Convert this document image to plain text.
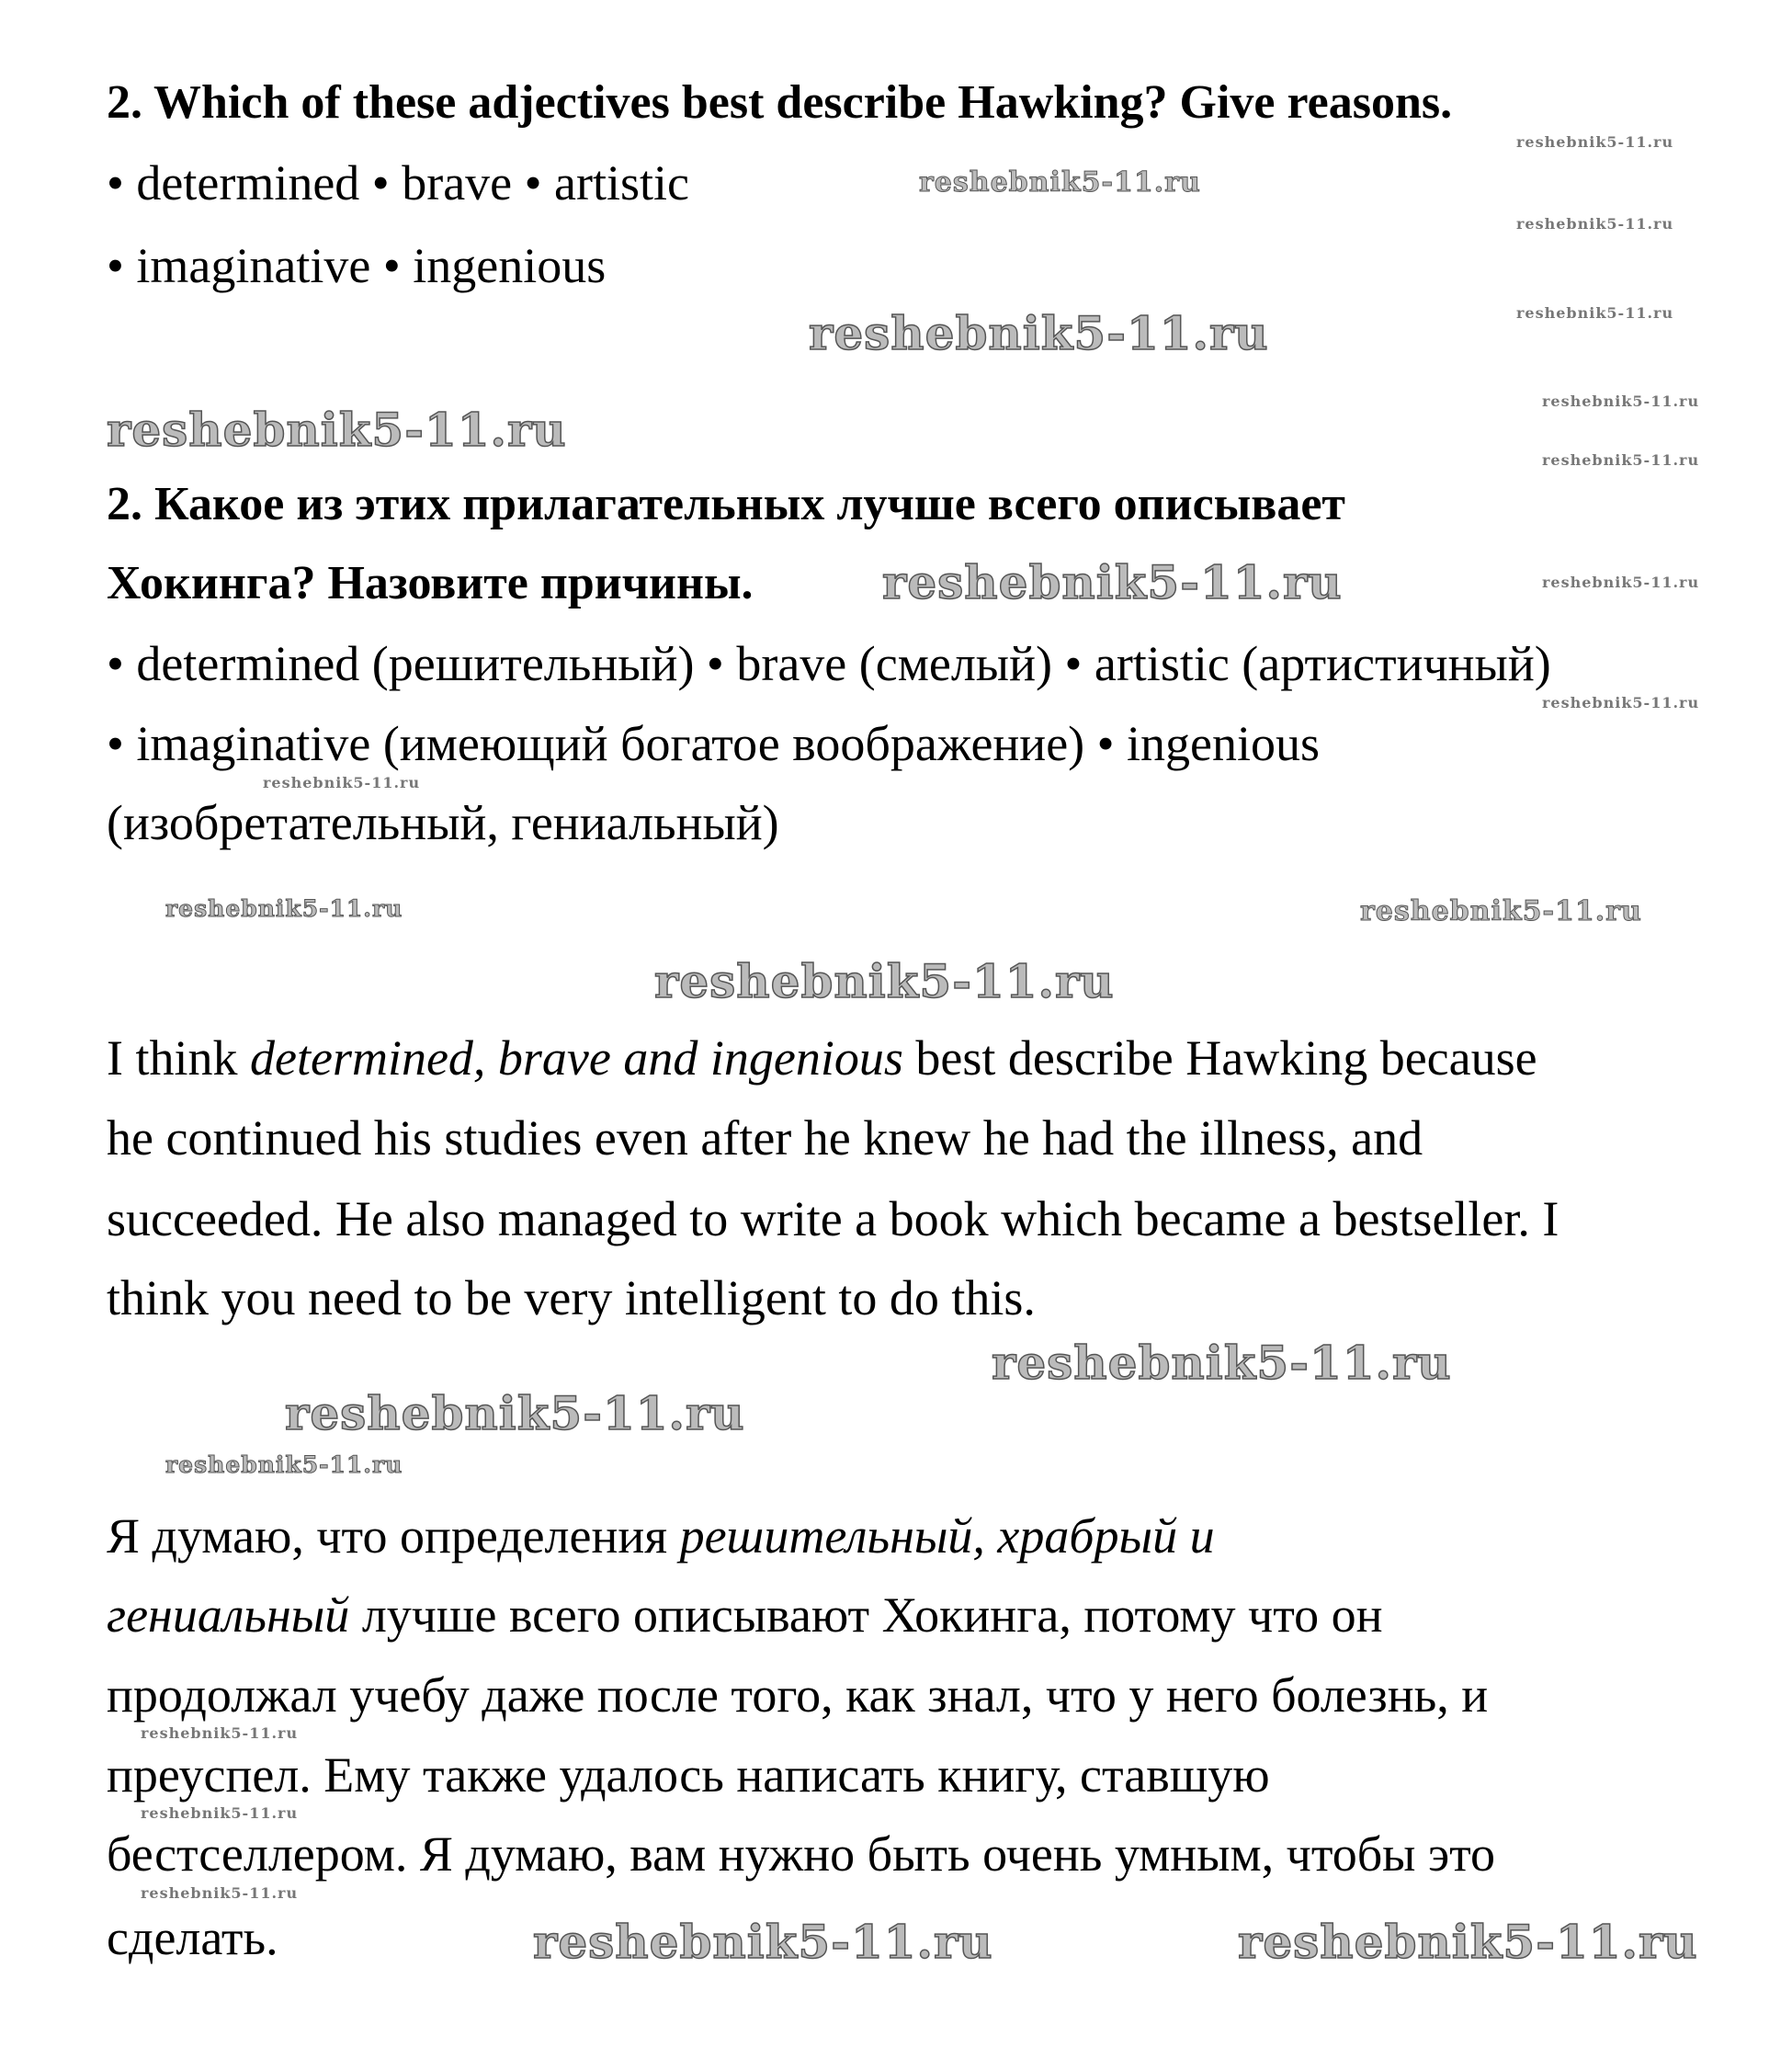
2. Which of these adjectives best describe Hawking? Give reasons.
• determined • brave • artistic
• imaginative • ingenious
2. Какое из этих прилагательных лучше всего описывает
Хокинга? Назовите причины.
• determined (решительный) • brave (смелый) • artistic (артистичный)
• imaginative (имеющий богатое воображение) • ingenious
(изобретательный, гениальный)
I think determined, brave and ingenious best describe Hawking because
he continued his studies even after he knew he had the illness, and
succeeded. He also managed to write a book which became a bestseller. I
think you need to be very intelligent to do this.
Я думаю, что определения решительный, храбрый и
гениальный лучше всего описывают Хокинга, потому что он
продолжал учебу даже после того, как знал, что у него болезнь, и
преуспел. Ему также удалось написать книгу, ставшую
бестселлером. Я думаю, вам нужно быть очень умным, чтобы это
сделать.
reshebnik5-11.ru
reshebnik5-11.ru
reshebnik5-11.ru
reshebnik5-11.ru
reshebnik5-11.ru
reshebnik5-11.ru
reshebnik5-11.ru	reshebnik5-11.ru
reshebnik5-11.ru
reshebnik5-11.ru
reshebnik5-11.ru
reshebnik5-11.ru
reshebnik5-11.ru
reshebnik5-11.ru
reshebnik5-11.ru
reshebnik5-11.ru
reshebnik5-11.ru
reshebnik5-11.ru
reshebnik5-11.ru
reshebnik5-11.ru
reshebnik5-11.ru
reshebnik5-11.ru
reshebnik5-11.ru
